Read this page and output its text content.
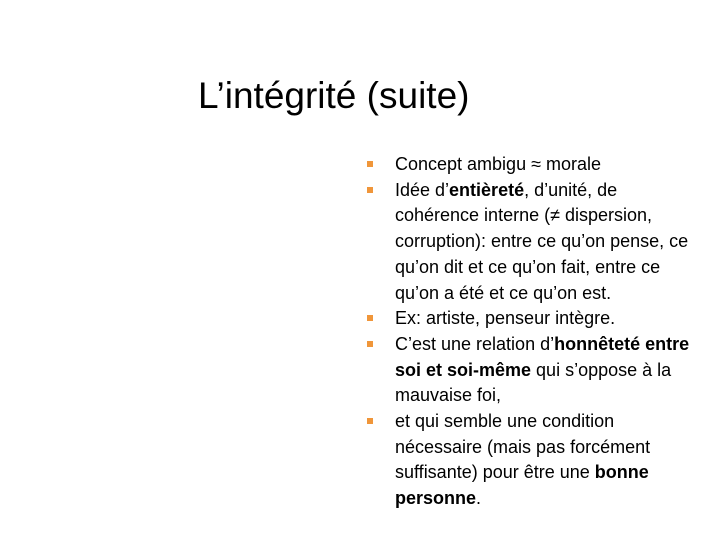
L’intégrité (suite)
Concept ambigu ≈ morale
Idée d’entièreté, d’unité, de cohérence interne (≠ dispersion, corruption): entre ce qu’on pense, ce qu’on dit et ce qu’on fait, entre ce qu’on a été et ce qu’on est.
Ex: artiste, penseur intègre.
C’est une relation d’honnêteté entre soi et soi-même qui s’oppose à la mauvaise foi,
et qui semble une condition nécessaire (mais pas forcément suffisante) pour être une bonne personne.
